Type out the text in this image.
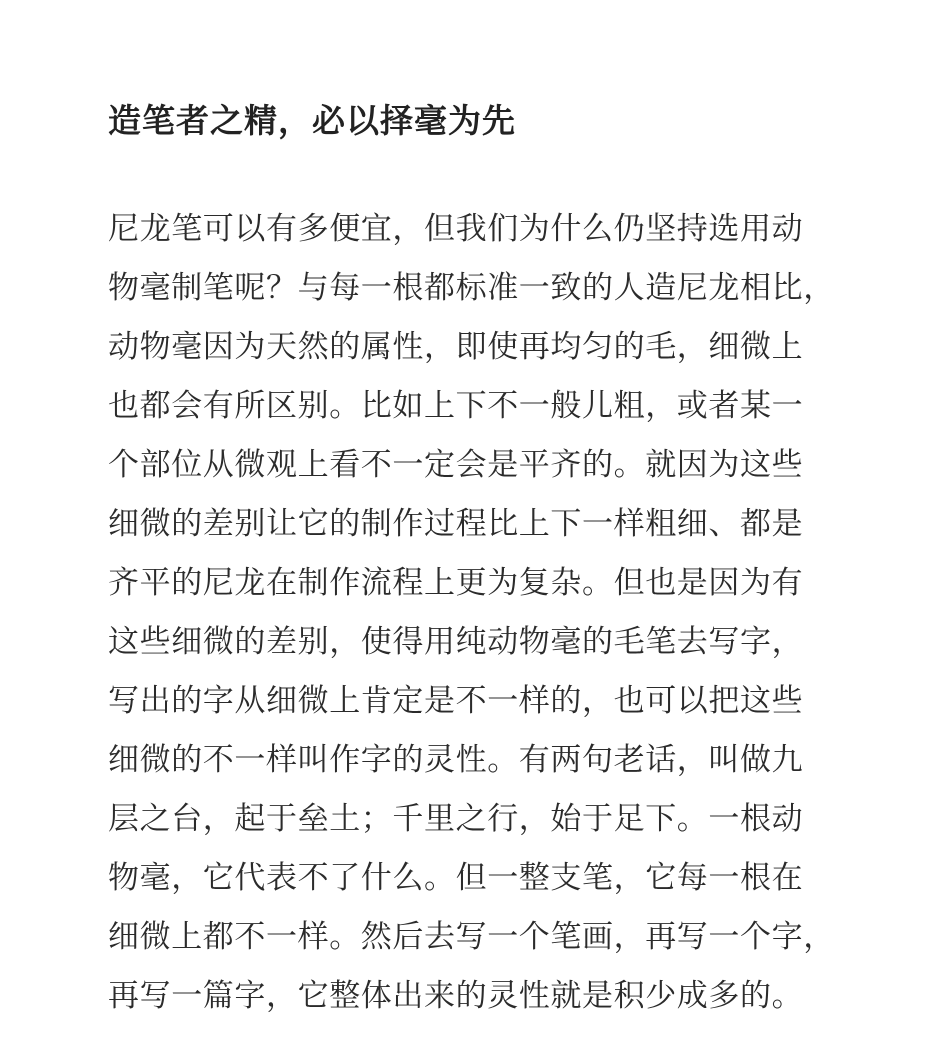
造笔者之精，必以择毫为先
尼龙笔可以有多便宜，但我们为什么仍坚持选用动
物毫制笔呢？与每一根都标准一致的人造尼龙相比，
动物毫因为天然的属性，即使再均匀的毛，细微上
也都会有所区别。比如上下不一般儿粗，或者某一
个部位从微观上看不一定会是平齐的。就因为这些
细微的差别让它的制作过程比上下一样粗细、都是
齐平的尼龙在制作流程上更为复杂。但也是因为有
这些细微的差别，使得用纯动物毫的毛笔去写字，
写出的字从细微上肯定是不一样的，也可以把这些
细微的不一样叫作字的灵性。有两句老话，叫做九
层之台，起于垒土；千里之行，始于足下。一根动
物毫，它代表不了什么。但一整支笔，它每一根在
细微上都不一样。然后去写一个笔画，再写一个字，
再写一篇字，它整体出来的灵性就是积少成多的。
